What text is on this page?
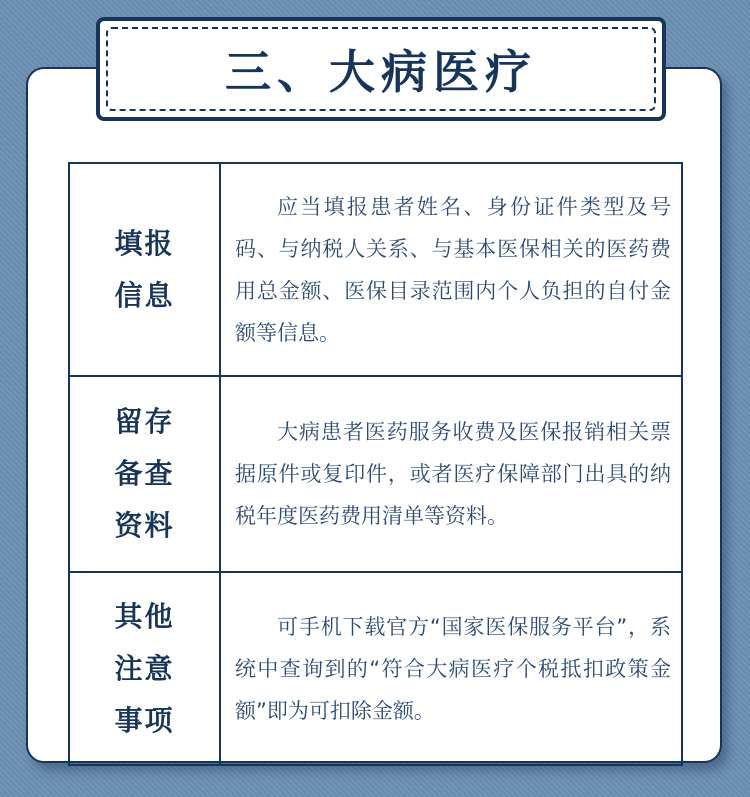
三、大病医疗
填报
信息	应当填报患者姓名、身份证件类型及号码、与纳税人关系、与基本医保相关的医药费用总金额、医保目录范围内个人负担的自付金额等信息。

留存
备查
资料	大病患者医药服务收费及医保报销相关票据原件或复印件，或者医疗保障部门出具的纳税年度医药费用清单等资料。

其他
注意
事项	可手机下载官方“国家医保服务平台”，系统中查询到的“符合大病医疗个税抵扣政策金额”即为可扣除金额。
